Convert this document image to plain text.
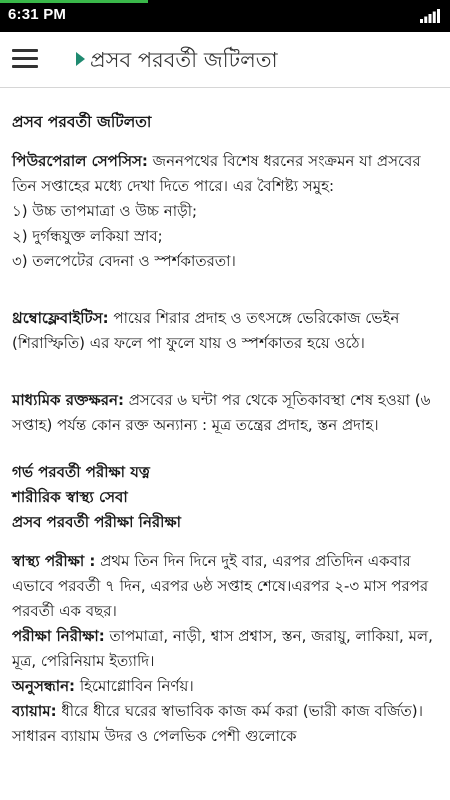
6:31 PM
প্রসব পরবর্তী জটিলতা
প্রসব পরবর্তী জটিলতা
পিউরপেরাল সেপসিস: জননপথের বিশেষ ধরনের সংক্রমন যা প্রসবের তিন সপ্তাহের মধ্যে দেখা দিতে পারে। এর বৈশিষ্ট্য সমুহ:
১) উচ্চ তাপমাত্রা ও উচ্চ নাড়ী;
২) দুর্গন্ধযুক্ত লকিয়া স্রাব;
৩) তলপেটের বেদনা ও স্পর্শকাতরতা।
থ্রম্বোফ্লেবাইটিস: পায়ের শিরার প্রদাহ ও তৎসঙ্গে ভেরিকোজ ভেইন (শিরাস্ফিতি) এর ফলে পা ফুলে যায় ও স্পর্শকাতর হয়ে ওঠে।
মাধ্যমিক রক্তক্ষরন: প্রসবের ৬ ঘন্টা পর থেকে সূতিকাবস্থা শেষ হওয়া (৬ সপ্তাহ) পর্যন্ত কোন রক্ত অন্যান্য : মূত্র তন্ত্রের প্রদাহ, স্তন প্রদাহ।
গর্ভ পরবর্তী পরীক্ষা যত্ন
শারীরিক স্বাস্থ্য সেবা
প্রসব পরবর্তী পরীক্ষা নিরীক্ষা
স্বাস্থ্য পরীক্ষা : প্রথম তিন দিন দিনে দুই বার, এরপর প্রতিদিন একবার এভাবে পরবর্তী ৭ দিন, এরপর ৬ষ্ঠ সপ্তাহ শেষে।এরপর ২-৩ মাস পরপর পরবর্তী এক বছর।
পরীক্ষা নিরীক্ষা: তাপমাত্রা, নাড়ী, শ্বাস প্রশ্বাস, স্তন, জরায়ু, লাকিয়া, মল, মূত্র, পেরিনিয়াম ইত্যাদি।
অনুসন্ধান: হিমোগ্লোবিন নির্ণয়।
ব্যায়াম: ধীরে ধীরে ঘরের স্বাভাবিক কাজ কর্ম করা (ভারী কাজ বর্জিত)। সাধারন ব্যায়াম উদর ও পেলভিক পেশী গুলোকে
